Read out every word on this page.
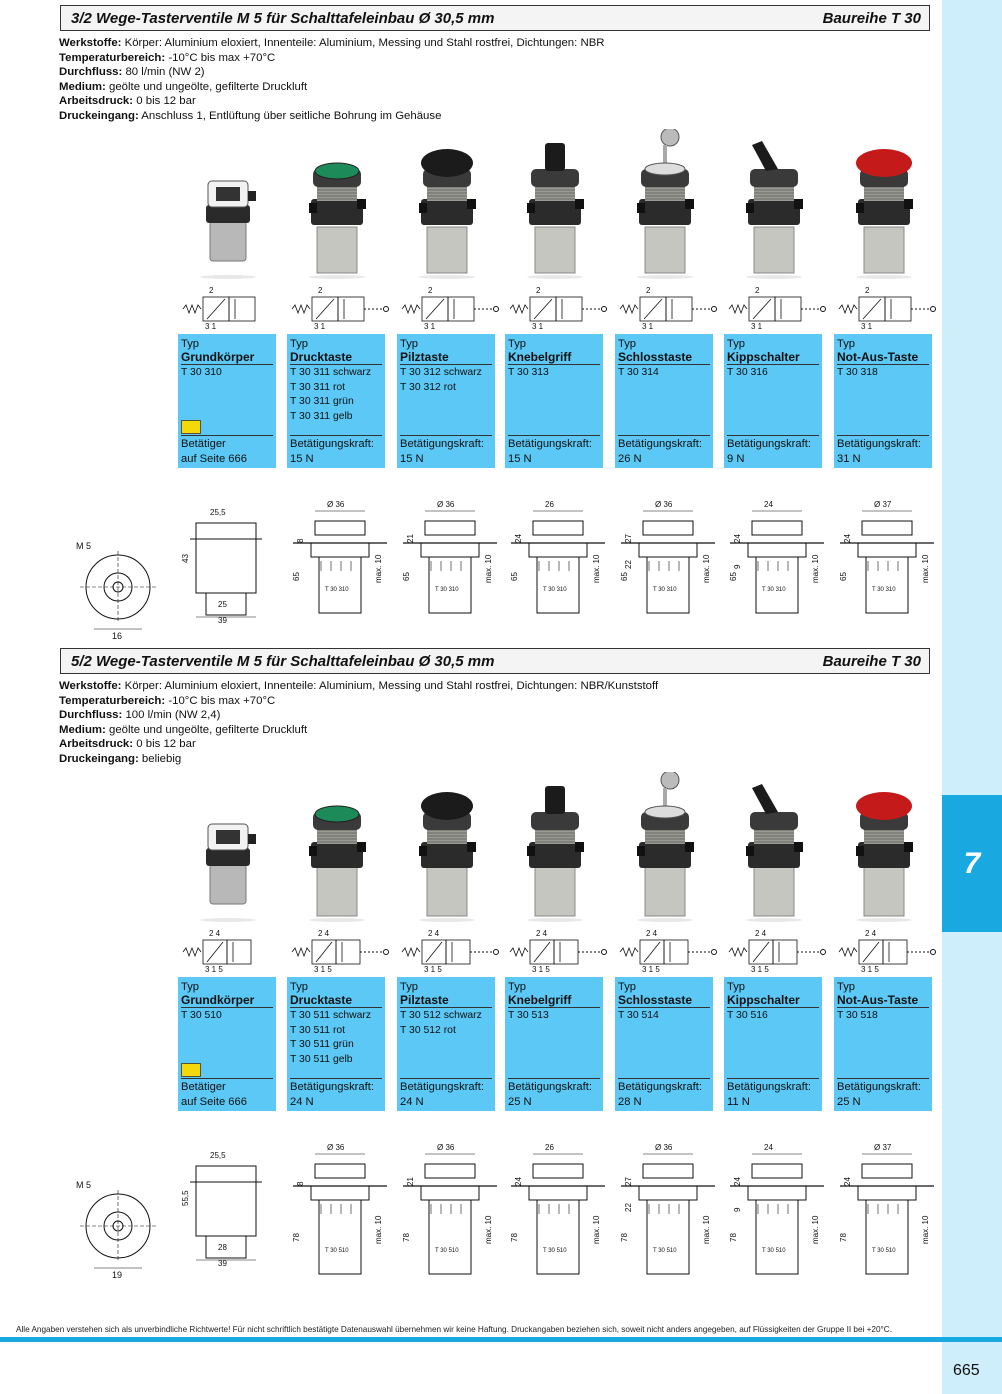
7
3/2 Wege-Tasterventile M 5 für Schalttafeleinbau Ø 30,5 mm	Baureihe T 30
Werkstoffe: Körper: Aluminium eloxiert, Innenteile: Aluminium, Messing und Stahl rostfrei, Dichtungen: NBR
Temperaturbereich: -10°C bis max +70°C
Durchfluss: 80 l/min (NW 2)
Medium: geölte und ungeölte, gefilterte Druckluft
Arbeitsdruck: 0 bis 12 bar
Druckeingang: Anschluss 1, Entlüftung über seitliche Bohrung im Gehäuse
2
3 1
Typ
Grundkörper
T 30 310
Betätiger
auf Seite 666
25,5
43
25
39
2
3 1
Typ
Drucktaste
T 30 311 schwarz
T 30 311 rot
T 30 311 grün
T 30 311 gelb
Betätigungskraft:
15 N
Ø 36
8
65	max. 10
T 30 310
2
3 1
Typ
Pilztaste
T 30 312 schwarz
T 30 312 rot
Betätigungskraft:
15 N
Ø 36
21
65	max. 10
T 30 310
2
3 1
Typ
Knebelgriff
T 30 313
Betätigungskraft:
15 N
26
24
65	max. 10
T 30 310
2
3 1
Typ
Schlosstaste
T 30 314
Betätigungskraft:
26 N
Ø 36
27
22
65	max. 10
T 30 310
2
3 1
Typ
Kippschalter
T 30 316
Betätigungskraft:
9 N
24
24
9
65	max. 10
T 30 310
2
3 1
Typ
Not-Aus-Taste
T 30 318
Betätigungskraft:
31 N
Ø 37
24
65	max. 10
T 30 310
M 5
16
5/2 Wege-Tasterventile M 5 für Schalttafeleinbau Ø 30,5 mm	Baureihe T 30
Werkstoffe: Körper: Aluminium eloxiert, Innenteile: Aluminium, Messing und Stahl rostfrei, Dichtungen: NBR/Kunststoff
Temperaturbereich: -10°C bis max +70°C
Durchfluss: 100 l/min (NW 2,4)
Medium: geölte und ungeölte, gefilterte Druckluft
Arbeitsdruck: 0 bis 12 bar
Druckeingang: beliebig
2 4
3 1 5
Typ
Grundkörper
T 30 510
Betätiger
auf Seite 666
25,5
55,5
28
39
2 4
3 1 5
Typ
Drucktaste
T 30 511 schwarz
T 30 511 rot
T 30 511 grün
T 30 511 gelb
Betätigungskraft:
24 N
Ø 36
8
78	max. 10
T 30 510
2 4
3 1 5
Typ
Pilztaste
T 30 512 schwarz
T 30 512 rot
Betätigungskraft:
24 N
Ø 36
21
78	max. 10
T 30 510
2 4
3 1 5
Typ
Knebelgriff
T 30 513
Betätigungskraft:
25 N
26
24
78	max. 10
T 30 510
2 4
3 1 5
Typ
Schlosstaste
T 30 514
Betätigungskraft:
28 N
Ø 36
27
22
78	max. 10
T 30 510
2 4
3 1 5
Typ
Kippschalter
T 30 516
Betätigungskraft:
11 N
24
24
9
78	max. 10
T 30 510
2 4
3 1 5
Typ
Not-Aus-Taste
T 30 518
Betätigungskraft:
25 N
Ø 37
24
78	max. 10
T 30 510
M 5
19
Alle Angaben verstehen sich als unverbindliche Richtwerte! Für nicht schriftlich bestätigte Datenauswahl übernehmen wir keine Haftung. Druckangaben beziehen sich, soweit nicht anders angegeben, auf Flüssigkeiten der Gruppe II bei +20°C.
665
